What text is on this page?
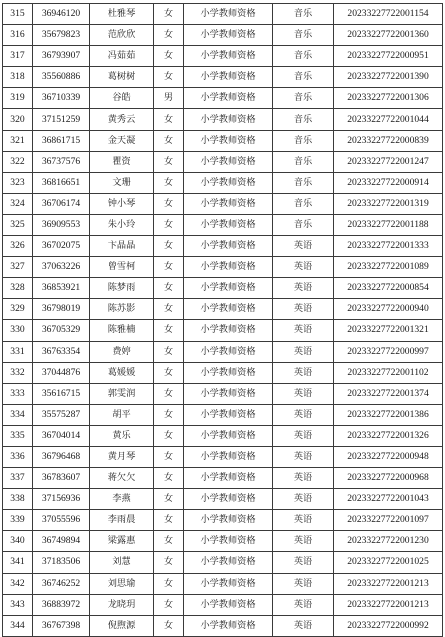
315	36946120	杜雅琴	女	小学教师资格	音乐	20233227722001154
316	35679823	范欣欣	女	小学教师资格	音乐	20233227722001360
317	36793907	冯茹茹	女	小学教师资格	音乐	20233227722000951
318	35560886	葛树树	女	小学教师资格	音乐	20233227722001390
319	36710339	谷皓	男	小学教师资格	音乐	20233227722001306
320	37151259	黄秀云	女	小学教师资格	音乐	20233227722001044
321	36861715	金天凝	女	小学教师资格	音乐	20233227722000839
322	36737576	瞿资	女	小学教师资格	音乐	20233227722001247
323	36816651	文珊	女	小学教师资格	音乐	20233227722000914
324	36706174	钟小琴	女	小学教师资格	音乐	20233227722001319
325	36909553	朱小玲	女	小学教师资格	音乐	20233227722001188
326	36702075	卞晶晶	女	小学教师资格	英语	20233227722001333
327	37063226	曾雪柯	女	小学教师资格	英语	20233227722001089
328	36853921	陈梦雨	女	小学教师资格	英语	20233227722000854
329	36798019	陈苏影	女	小学教师资格	英语	20233227722000940
330	36705329	陈雅楠	女	小学教师资格	英语	20233227722001321
331	36763354	费婷	女	小学教师资格	英语	20233227722000997
332	37044876	葛媛媛	女	小学教师资格	英语	20233227722001102
333	35616715	郭雯润	女	小学教师资格	英语	20233227722001374
334	35575287	胡平	女	小学教师资格	英语	20233227722001386
335	36704014	黄乐	女	小学教师资格	英语	20233227722001326
336	36796468	黄月琴	女	小学教师资格	英语	20233227722000948
337	36783607	蒋欠欠	女	小学教师资格	英语	20233227722000968
338	37156936	李燕	女	小学教师资格	英语	20233227722001043
339	37055596	李雨晨	女	小学教师资格	英语	20233227722001097
340	36749894	梁露惠	女	小学教师资格	英语	20233227722001230
341	37183506	刘慧	女	小学教师资格	英语	20233227722001025
342	36746252	刘思瑜	女	小学教师资格	英语	20233227722001213
343	36883972	龙晓玥	女	小学教师资格	英语	20233227722001213
344	36767398	倪煦源	女	小学教师资格	英语	20233227722000992
